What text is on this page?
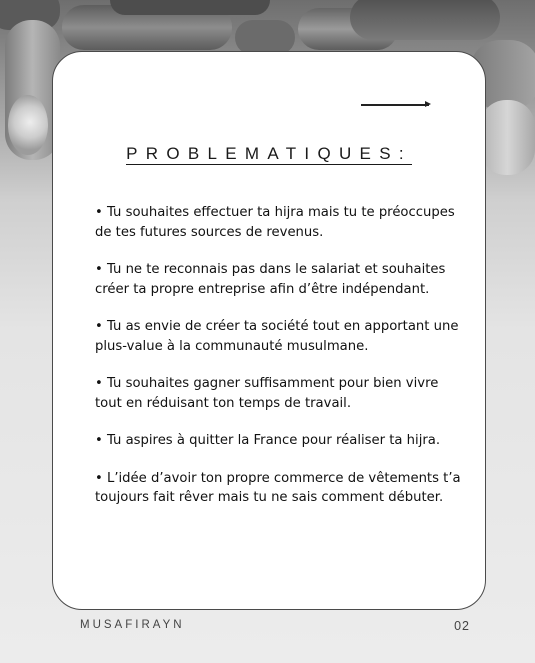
PROBLEMATIQUES:
• Tu souhaites effectuer ta hijra mais tu te préoccupes de tes futures sources de revenus.
• Tu ne te reconnais pas dans le salariat et souhaites créer ta propre entreprise afin d’être indépendant.
• Tu as envie de créer ta société tout en apportant une plus-value à la communauté musulmane.
• Tu souhaites gagner suffisamment pour bien vivre tout en réduisant ton temps de travail.
• Tu aspires à quitter la France pour réaliser ta hijra.
• L’idée d’avoir ton propre commerce de vêtements t’a toujours fait rêver mais tu ne sais comment débuter.
MUSAFIRAYN	02
